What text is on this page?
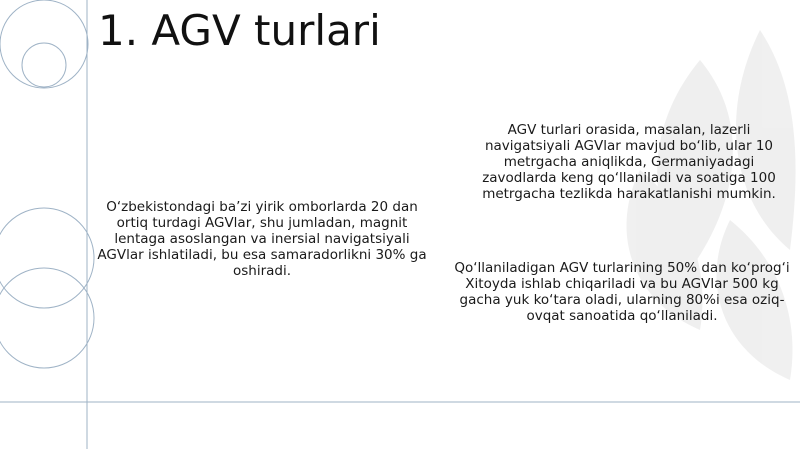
1. AGV turlari

O‘zbekistondagi ba’zi yirik omborlarda 20 dan ortiq turdagi AGVlar, shu jumladan, magnit lentaga asoslangan va inersial navigatsiyali AGVlar ishlatiladi, bu esa samaradorlikni 30% ga oshiradi.

AGV turlari orasida, masalan, lazerli navigatsiyali AGVlar mavjud bo‘lib, ular 10 metrgacha aniqlikda, Germaniyadagi zavodlarda keng qo‘llaniladi va soatiga 100 metrgacha tezlikda harakatlanishi mumkin.

Qo‘llaniladigan AGV turlarining 50% dan ko‘prog‘i Xitoyda ishlab chiqariladi va bu AGVlar 500 kg gacha yuk ko‘tara oladi, ularning 80%i esa oziq-ovqat sanoatida qo‘llaniladi.
